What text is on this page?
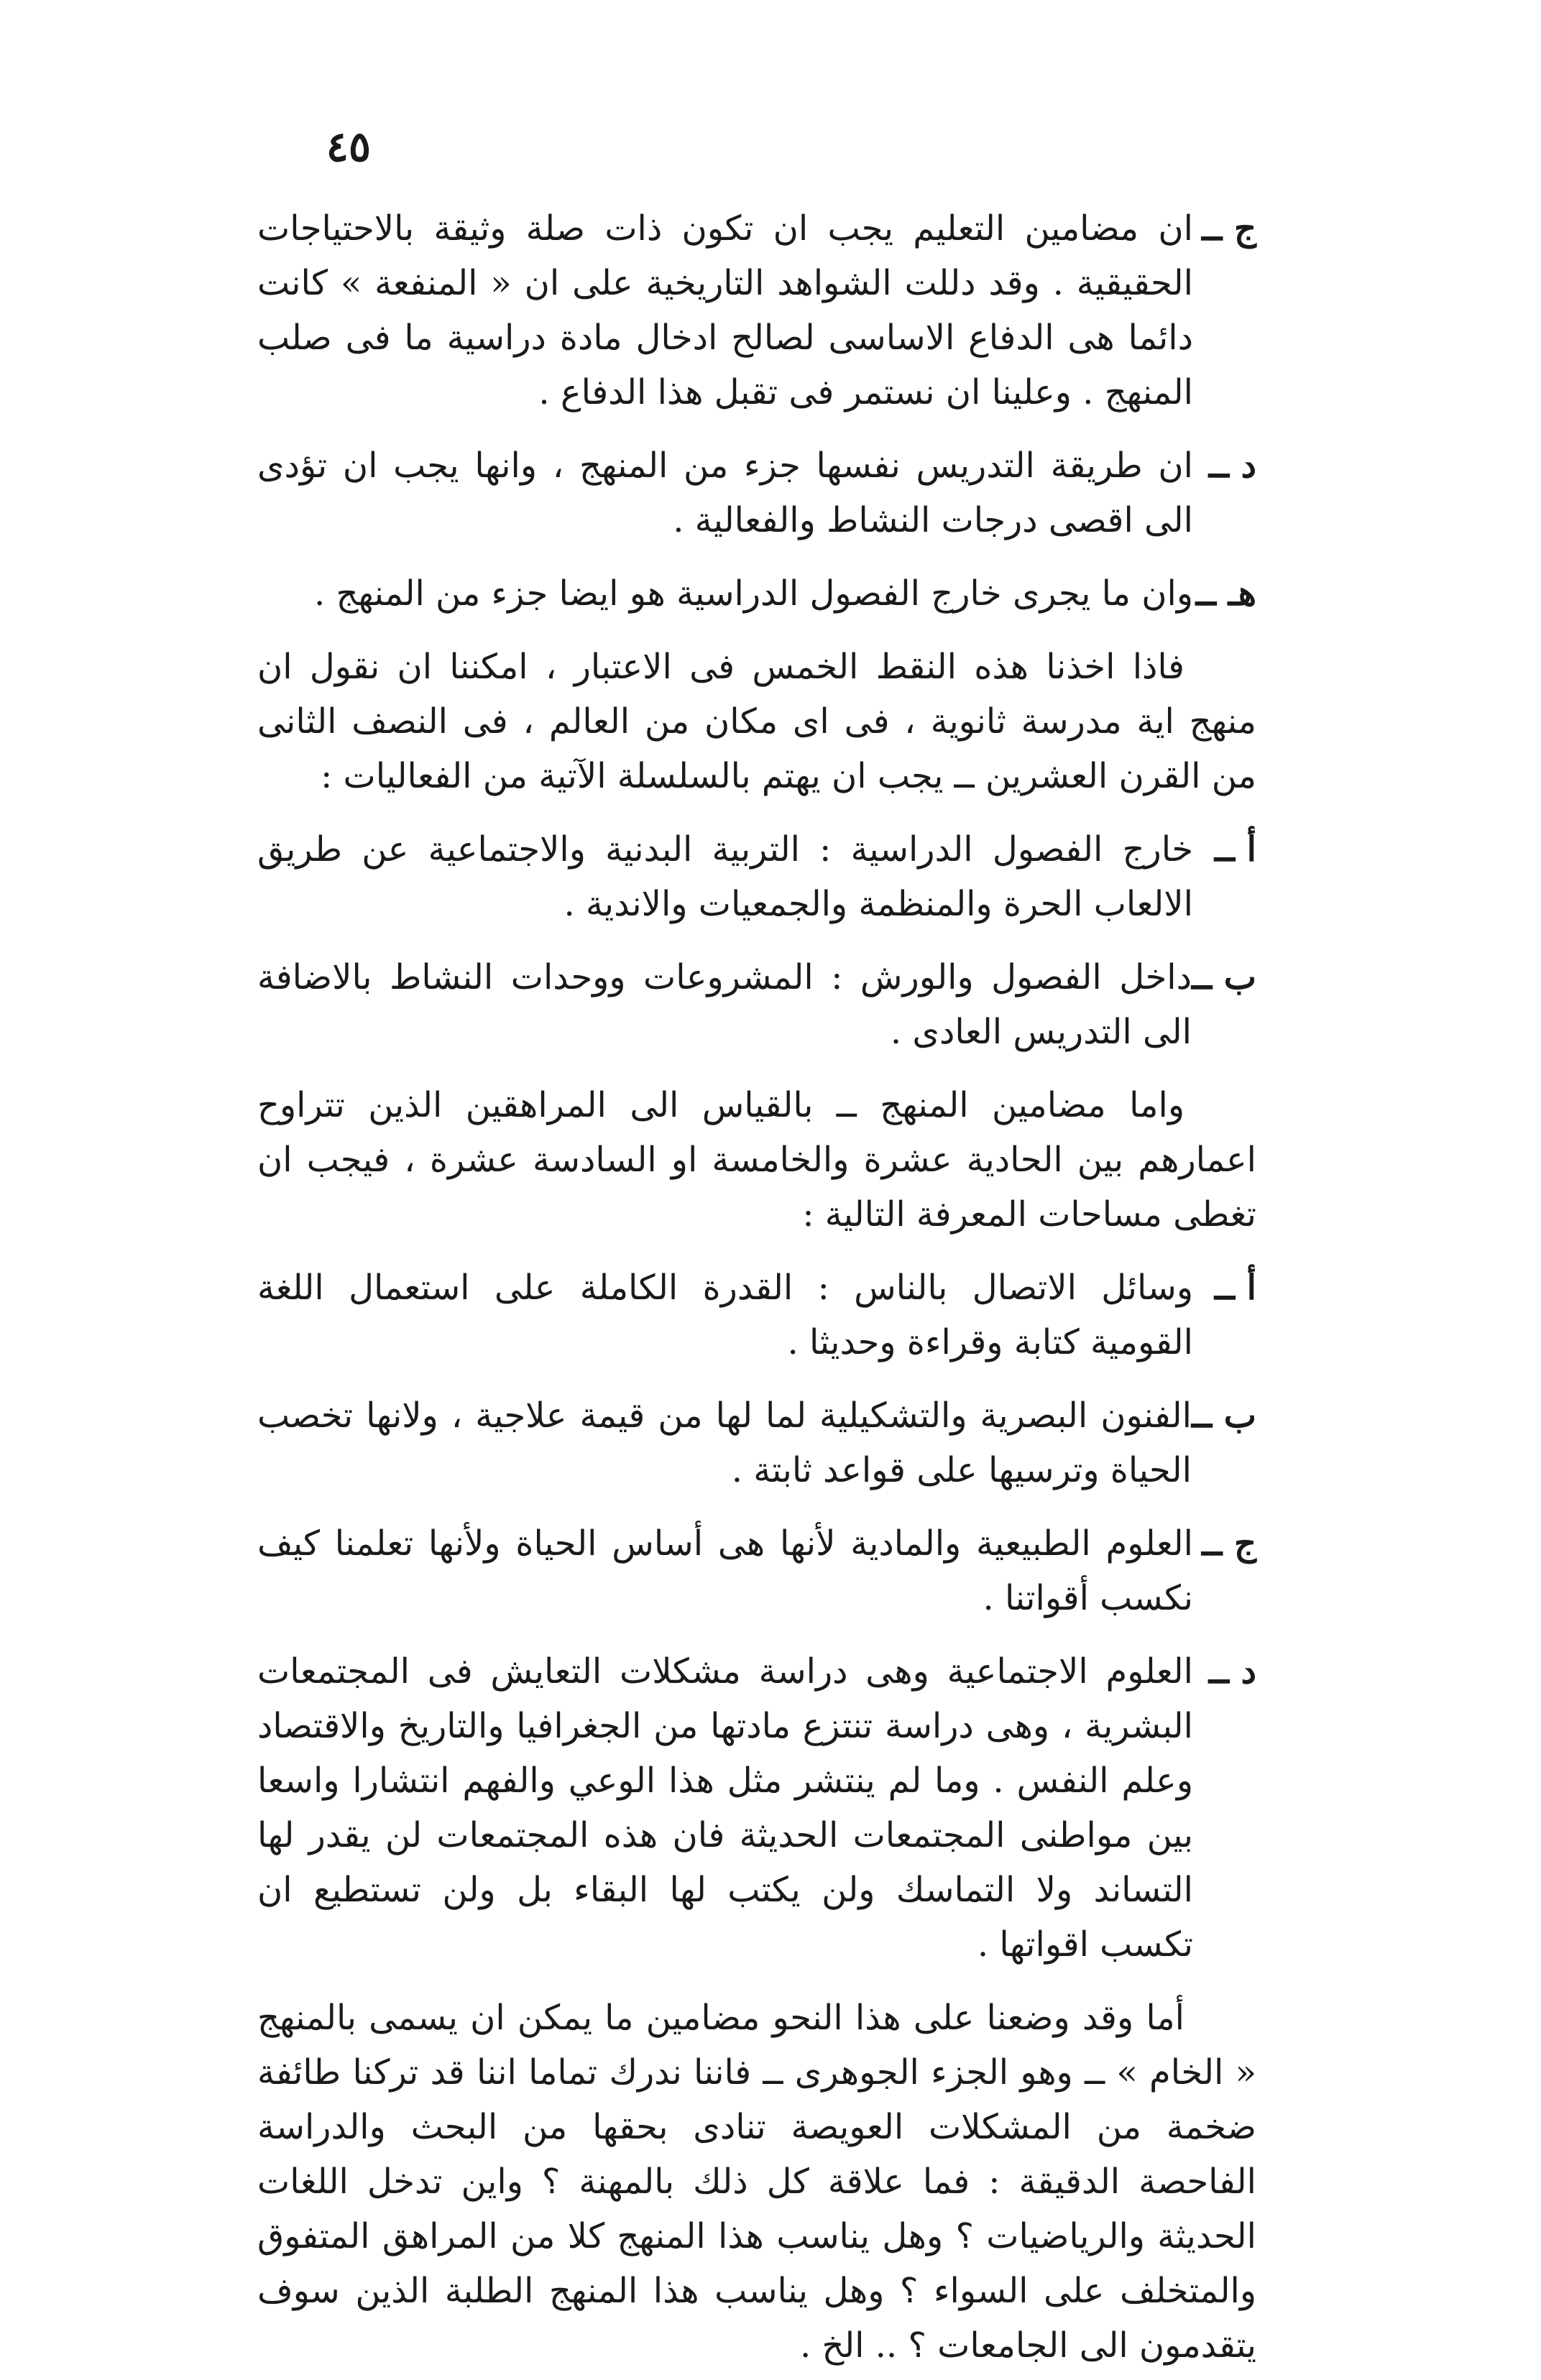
٤٥
ج ــ
ان مضامين التعليم يجب ان تكون ذات صلة وثيقة بالاحتياجات الحقيقية . وقد دللت الشواهد التاريخية على ان « المنفعة » كانت دائما هى الدفاع الاساسى لصالح ادخال مادة دراسية ما فى صلب المنهج . وعلينا ان نستمر فى تقبل هذا الدفاع .
د ــ
ان طريقة التدريس نفسها جزء من المنهج ، وانها يجب ان تؤدى الى اقصى درجات النشاط والفعالية .
هـ ــ
وان ما يجرى خارج الفصول الدراسية هو ايضا جزء من المنهج .

فاذا اخذنا هذه النقط الخمس فى الاعتبار ، امكننا ان نقول ان منهج اية مدرسة ثانوية ، فى اى مكان من العالم ، فى النصف الثانى من القرن العشرين ــ يجب ان يهتم بالسلسلة الآتية من الفعاليات :

أ ــ
خارج الفصول الدراسية : التربية البدنية والاجتماعية عن طريق الالعاب الحرة والمنظمة والجمعيات والاندية .
ب ــ
داخل الفصول والورش : المشروعات ووحدات النشاط بالاضافة الى التدريس العادى .

واما مضامين المنهج ــ بالقياس الى المراهقين الذين تتراوح اعمارهم بين الحادية عشرة والخامسة او السادسة عشرة ، فيجب ان تغطى مساحات المعرفة التالية :

أ ــ
وسائل الاتصال بالناس : القدرة الكاملة على استعمال اللغة القومية كتابة وقراءة وحديثا .
ب ــ
الفنون البصرية والتشكيلية لما لها من قيمة علاجية ، ولانها تخصب الحياة وترسيها على قواعد ثابتة .
ج ــ
العلوم الطبيعية والمادية لأنها هى أساس الحياة ولأنها تعلمنا كيف نكسب أقواتنا .
د ــ
العلوم الاجتماعية وهى دراسة مشكلات التعايش فى المجتمعات البشرية ، وهى دراسة تنتزع مادتها من الجغرافيا والتاريخ والاقتصاد وعلم النفس . وما لم ينتشر مثل هذا الوعي والفهم انتشارا واسعا بين مواطنى المجتمعات الحديثة فان هذه المجتمعات لن يقدر لها التساند ولا التماسك ولن يكتب لها البقاء بل ولن تستطيع ان تكسب اقواتها .

أما وقد وضعنا على هذا النحو مضامين ما يمكن ان يسمى بالمنهج « الخام » ــ وهو الجزء الجوهرى ــ فاننا ندرك تماما اننا قد تركنا طائفة ضخمة من المشكلات العويصة تنادى بحقها من البحث والدراسة الفاحصة الدقيقة : فما علاقة كل ذلك بالمهنة ؟ واين تدخل اللغات الحديثة والرياضيات ؟ وهل يناسب هذا المنهج كلا من المراهق المتفوق والمتخلف على السواء ؟ وهل يناسب هذا المنهج الطلبة الذين سوف يتقدمون الى الجامعات ؟ .. الخ .
